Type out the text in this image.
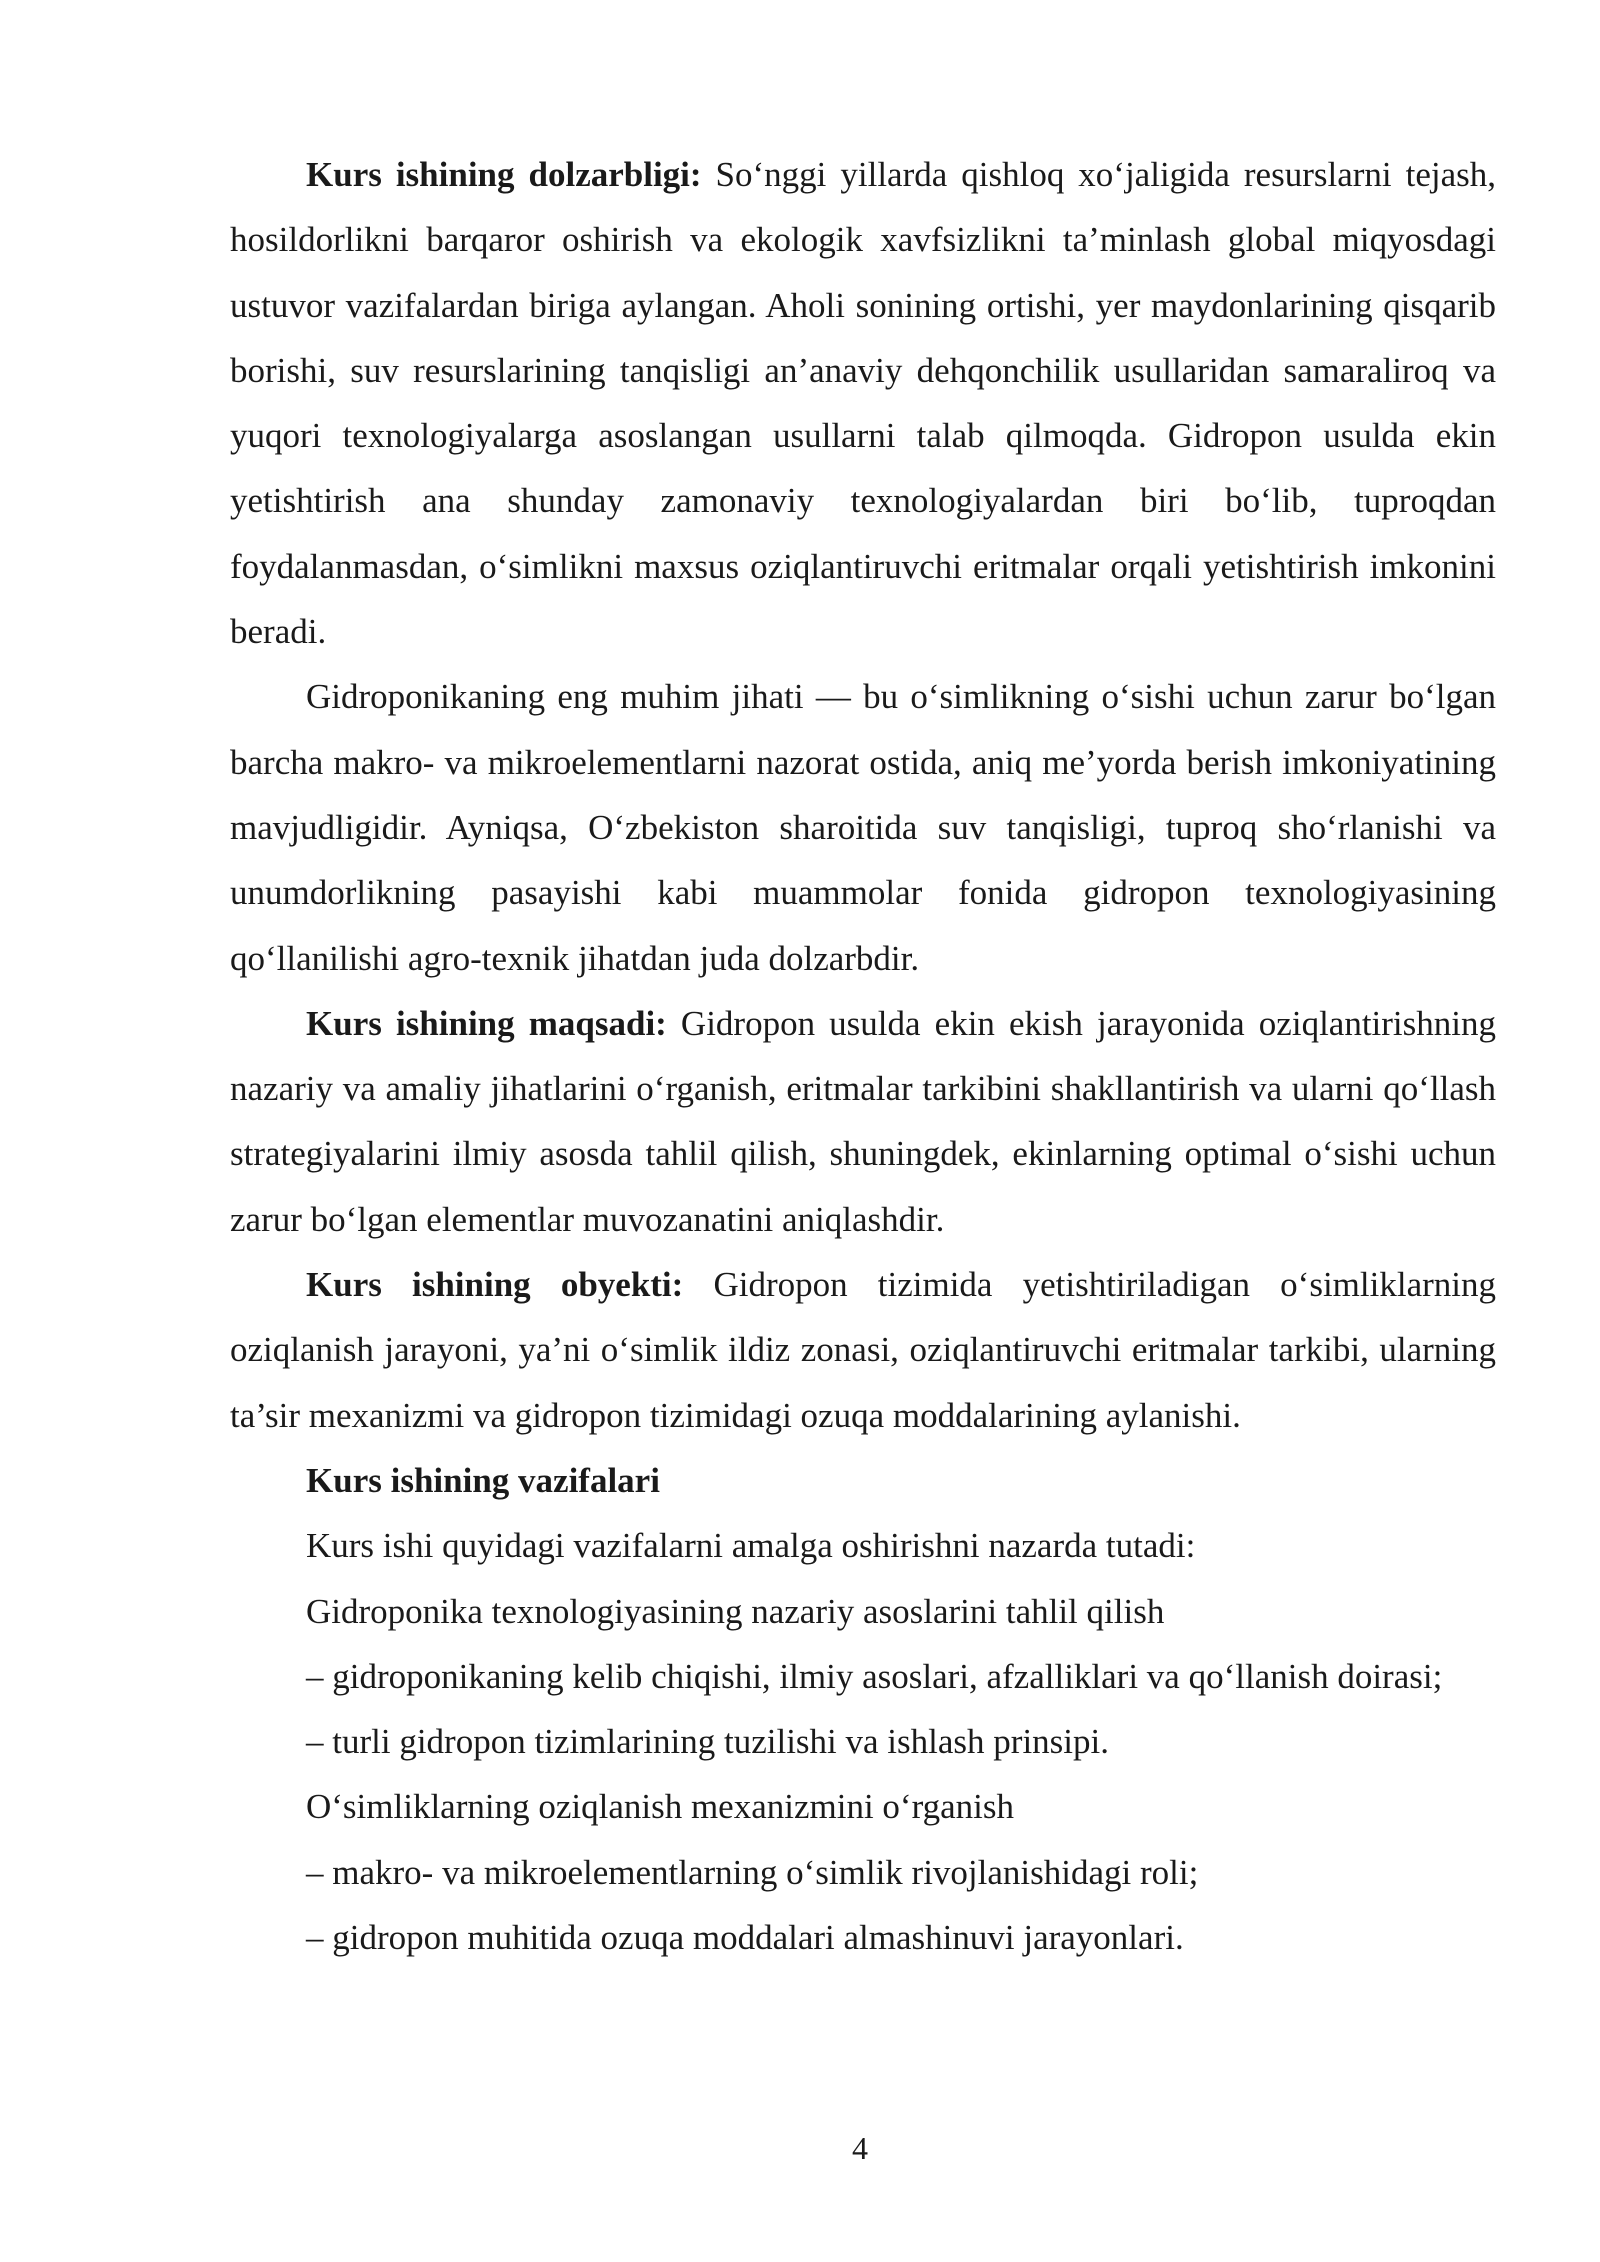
Kurs ishining dolzarbligi: So‘nggi yillarda qishloq xo‘jaligida resurslarni tejash, hosildorlikni barqaror oshirish va ekologik xavfsizlikni ta’minlash global miqyosdagi ustuvor vazifalardan biriga aylangan. Aholi sonining ortishi, yer maydonlarining qisqarib borishi, suv resurslarining tanqisligi an’anaviy dehqonchilik usullaridan samaraliroq va yuqori texnologiyalarga asoslangan usullarni talab qilmoqda. Gidropon usulda ekin yetishtirish ana shunday zamonaviy texnologiyalardan biri bo‘lib, tuproqdan foydalanmasdan, o‘simlikni maxsus oziqlantiruvchi eritmalar orqali yetishtirish imkonini beradi.

Gidroponikaning eng muhim jihati — bu o‘simlikning o‘sishi uchun zarur bo‘lgan barcha makro- va mikroelementlarni nazorat ostida, aniq me’yorda berish imkoniyatining mavjudligidir. Ayniqsa, O‘zbekiston sharoitida suv tanqisligi, tuproq sho‘rlanishi va unumdorlikning pasayishi kabi muammolar fonida gidropon texnologiyasining qo‘llanilishi agro-texnik jihatdan juda dolzarbdir.

Kurs ishining maqsadi: Gidropon usulda ekin ekish jarayonida oziqlantirishning nazariy va amaliy jihatlarini o‘rganish, eritmalar tarkibini shakllantirish va ularni qo‘llash strategiyalarini ilmiy asosda tahlil qilish, shuningdek, ekinlarning optimal o‘sishi uchun zarur bo‘lgan elementlar muvozanatini aniqlashdir.

Kurs ishining obyekti: Gidropon tizimida yetishtiriladigan o‘simliklarning oziqlanish jarayoni, ya’ni o‘simlik ildiz zonasi, oziqlantiruvchi eritmalar tarkibi, ularning ta’sir mexanizmi va gidropon tizimidagi ozuqa moddalarining aylanishi.

Kurs ishining vazifalari

Kurs ishi quyidagi vazifalarni amalga oshirishni nazarda tutadi:

Gidroponika texnologiyasining nazariy asoslarini tahlil qilish

– gidroponikaning kelib chiqishi, ilmiy asoslari, afzalliklari va qo‘llanish doirasi;

– turli gidropon tizimlarining tuzilishi va ishlash prinsipi.

O‘simliklarning oziqlanish mexanizmini o‘rganish

– makro- va mikroelementlarning o‘simlik rivojlanishidagi roli;

– gidropon muhitida ozuqa moddalari almashinuvi jarayonlari.

4
